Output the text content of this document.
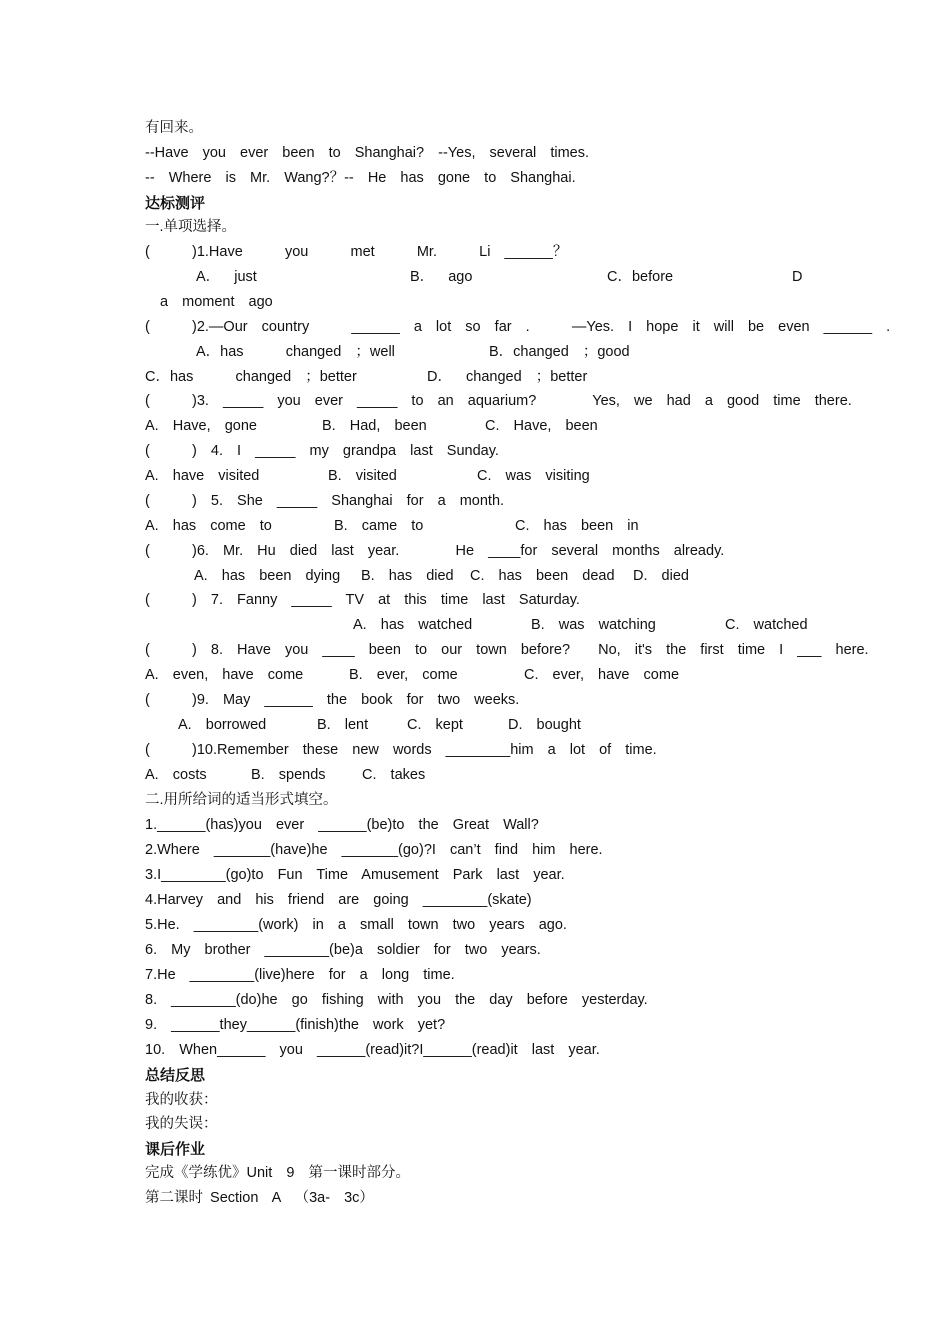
有回来。
--Have  you  ever  been  to  Shanghai?  --Yes,  several  times.
--  Where  is  Mr.  Wang?？--  He  has  gone  to  Shanghai.
达标测评
一.单项选择。
(      )1.Have      you      met      Mr.      Li  ______？
A．  just	B．  ago	C．before	D
a  moment  ago
(      )2.—Our  country      ______  a  lot  so  far  .      —Yes.  I  hope  it  will  be  even  ______  .
A．has      changed  ；well	B．changed  ；good
C．has      changed  ；better	D．  changed  ；better
(      )3.  _____  you  ever  _____  to  an  aquarium?        Yes,  we  had  a  good  time  there.
A.  Have,  gone	B.  Had,  been	C.  Have,  been
(      )  4.  I  _____  my  grandpa  last  Sunday.
A.  have  visited	B.  visited	C.  was  visiting
(      )  5.  She  _____  Shanghai  for  a  month.
A.  has  come  to	B.  came  to	C.  has  been  in
(      )6.  Mr.  Hu  died  last  year.        He  ____for  several  months  already.
A.  has  been  dying B.  has  died C.  has  been  dead D.  died
(      )  7.  Fanny  _____  TV  at  this  time  last  Saturday.
A.  has  watched	B.  was  watching	C.  watched
(      )  8.  Have  you  ____  been  to  our  town  before?    No,  it's  the  first  time  I  ___  here.
A.  even,  have  come	B.  ever,  come	C.  ever,  have  come
(      )9.  May  ______  the  book  for  two  weeks.
A.  borrowed	B.  lent	C.  kept	D.  bought
(      )10.Remember  these  new  words  ________him  a  lot  of  time.
A.  costs	B.  spends	C.  takes
二.用所给词的适当形式填空。
1.______(has)you  ever  ______(be)to  the  Great  Wall?
2.Where  _______(have)he  _______(go)?I  can’t  find  him  here.
3.I________(go)to  Fun  Time  Amusement  Park  last  year.
4.Harvey  and  his  friend  are  going  ________(skate)
5.He.  ________(work)  in  a  small  town  two  years  ago.
6.  My  brother  ________(be)a  soldier  for  two  years.
7.He  ________(live)here  for  a  long  time.
8.  ________(do)he  go  fishing  with  you  the  day  before  yesterday.
9.  ______they______(finish)the  work  yet?
10.  When______  you  ______(read)it?I______(read)it  last  year.
总结反思
我的收获：
我的失误：
课后作业
完成《学练优》Unit  9  第一课时部分。
第二课时 Section  A  （3a-  3c）
